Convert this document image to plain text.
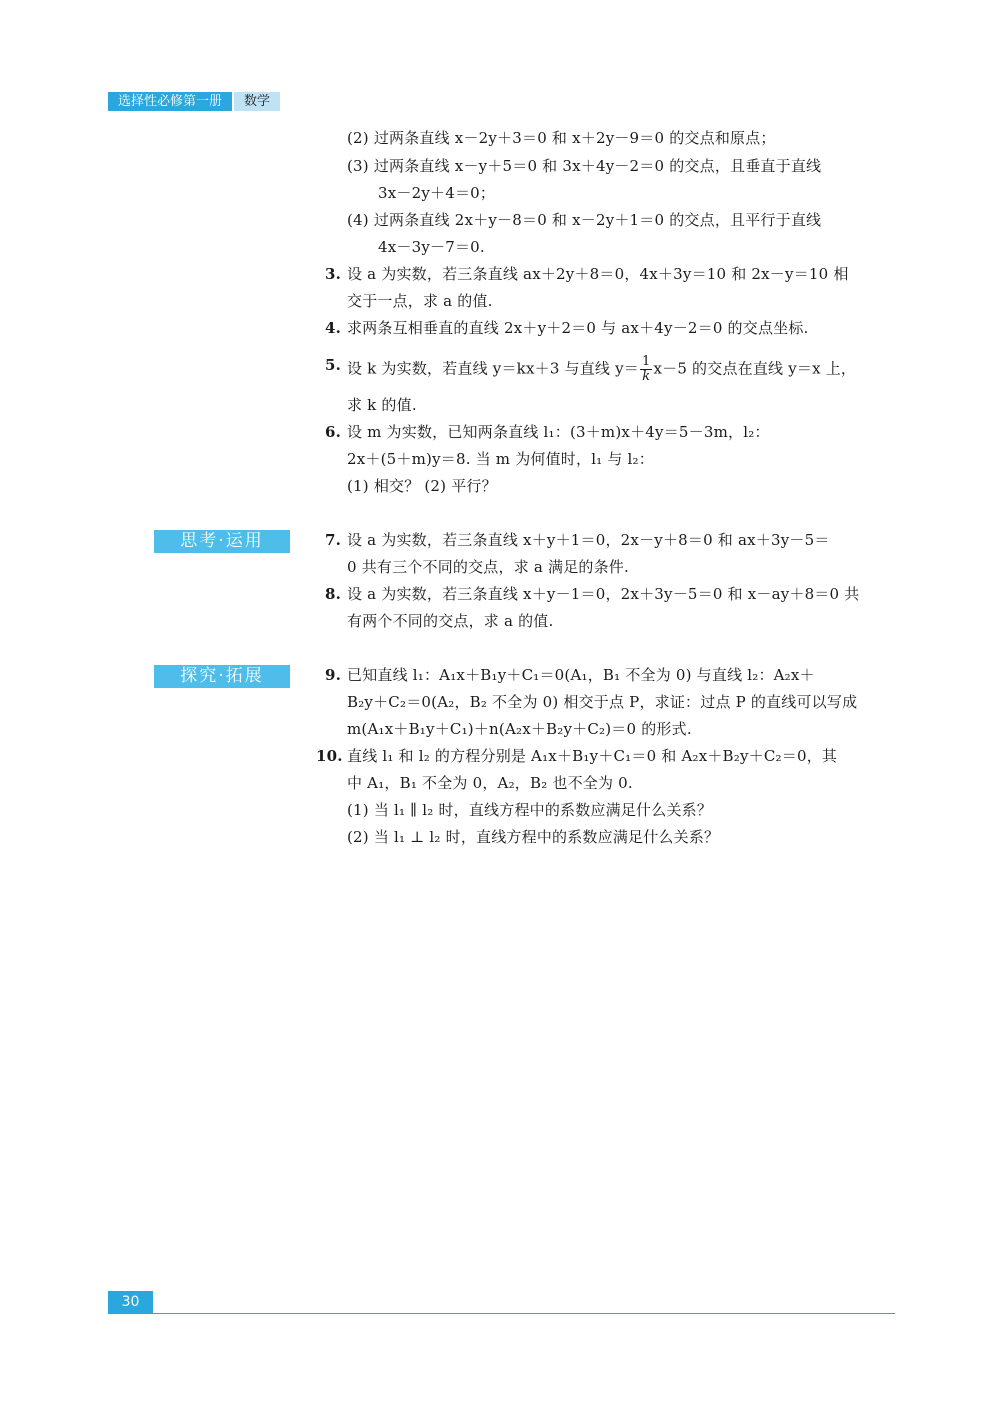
选择性必修第一册	数学
(2) 过两条直线 x－2y＋3＝0 和 x＋2y－9＝0 的交点和原点；
(3) 过两条直线 x－y＋5＝0 和 3x＋4y－2＝0 的交点，且垂直于直线
3x－2y＋4＝0；
(4) 过两条直线 2x＋y－8＝0 和 x－2y＋1＝0 的交点，且平行于直线
4x－3y－7＝0.
3. 设 a 为实数，若三条直线 ax＋2y＋8＝0，4x＋3y＝10 和 2x－y＝10 相
交于一点，求 a 的值.
4. 求两条互相垂直的直线 2x＋y＋2＝0 与 ax＋4y－2＝0 的交点坐标.
5. 设 k 为实数，若直线 y＝kx＋3 与直线 $y= \frac{1}{k} x-5$ 的交点在直线 y＝x 上，
求 k 的值.
6. 设 m 为实数，已知两条直线 l₁：(3＋m)x＋4y＝5－3m，l₂：
2x＋(5＋m)y＝8. 当 m 为何值时，l₁ 与 l₂：
(1) 相交？ (2) 平行？
思考·运用	7. 设 a 为实数，若三条直线 x＋y＋1＝0，2x－y＋8＝0 和 ax＋3y－5＝
0 共有三个不同的交点，求 a 满足的条件.
8. 设 a 为实数，若三条直线 x＋y－1＝0，2x＋3y－5＝0 和 x－ay＋8＝0 共
有两个不同的交点，求 a 的值.
探究·拓展	9. 已知直线 l₁：A₁x＋B₁y＋C₁＝0(A₁，B₁ 不全为 0) 与直线 l₂：A₂x＋
B₂y＋C₂＝0(A₂，B₂ 不全为 0) 相交于点 P，求证：过点 P 的直线可以写成
m(A₁x＋B₁y＋C₁)＋n(A₂x＋B₂y＋C₂)＝0 的形式.
10. 直线 l₁ 和 l₂ 的方程分别是 A₁x＋B₁y＋C₁＝0 和 A₂x＋B₂y＋C₂＝0，其
中 A₁，B₁ 不全为 0，A₂，B₂ 也不全为 0.
(1) 当 l₁ ∥ l₂ 时，直线方程中的系数应满足什么关系？
(2) 当 l₁ ⊥ l₂ 时，直线方程中的系数应满足什么关系？
30
